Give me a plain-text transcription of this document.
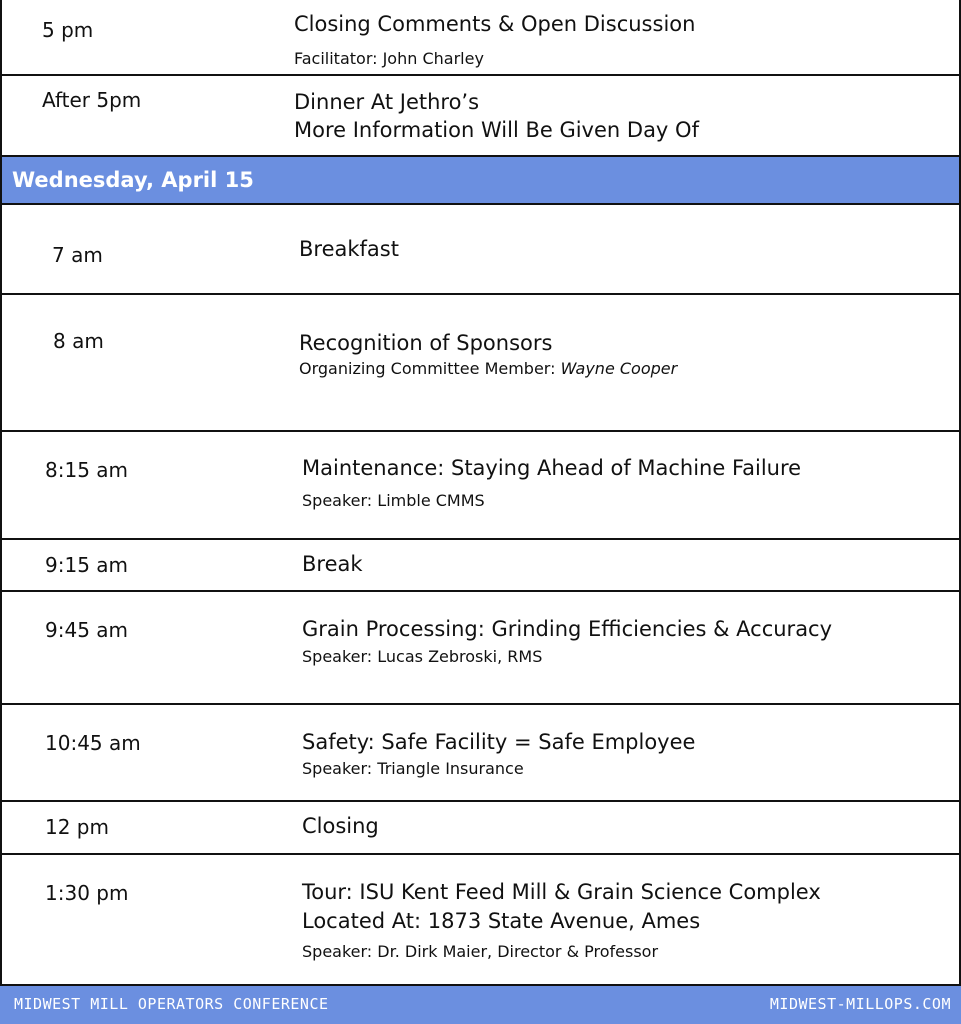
5 pm	Closing Comments & Open Discussion
Facilitator: John Charley
After 5pm	Dinner At Jethro’s
More Information Will Be Given Day Of
Wednesday, April 15
7 am	Breakfast
8 am	Recognition of Sponsors
Organizing Committee Member: Wayne Cooper
8:15 am	Maintenance: Staying Ahead of Machine Failure
Speaker: Limble CMMS
9:15 am	Break
9:45 am	Grain Processing: Grinding Efficiencies & Accuracy
Speaker: Lucas Zebroski, RMS
10:45 am	Safety: Safe Facility = Safe Employee
Speaker: Triangle Insurance
12 pm	Closing
1:30 pm	Tour: ISU Kent Feed Mill & Grain Science Complex
Located At: 1873 State Avenue, Ames
Speaker: Dr. Dirk Maier, Director & Professor
MIDWEST MILL OPERATORS CONFERENCE	MIDWEST-MILLOPS.COM
